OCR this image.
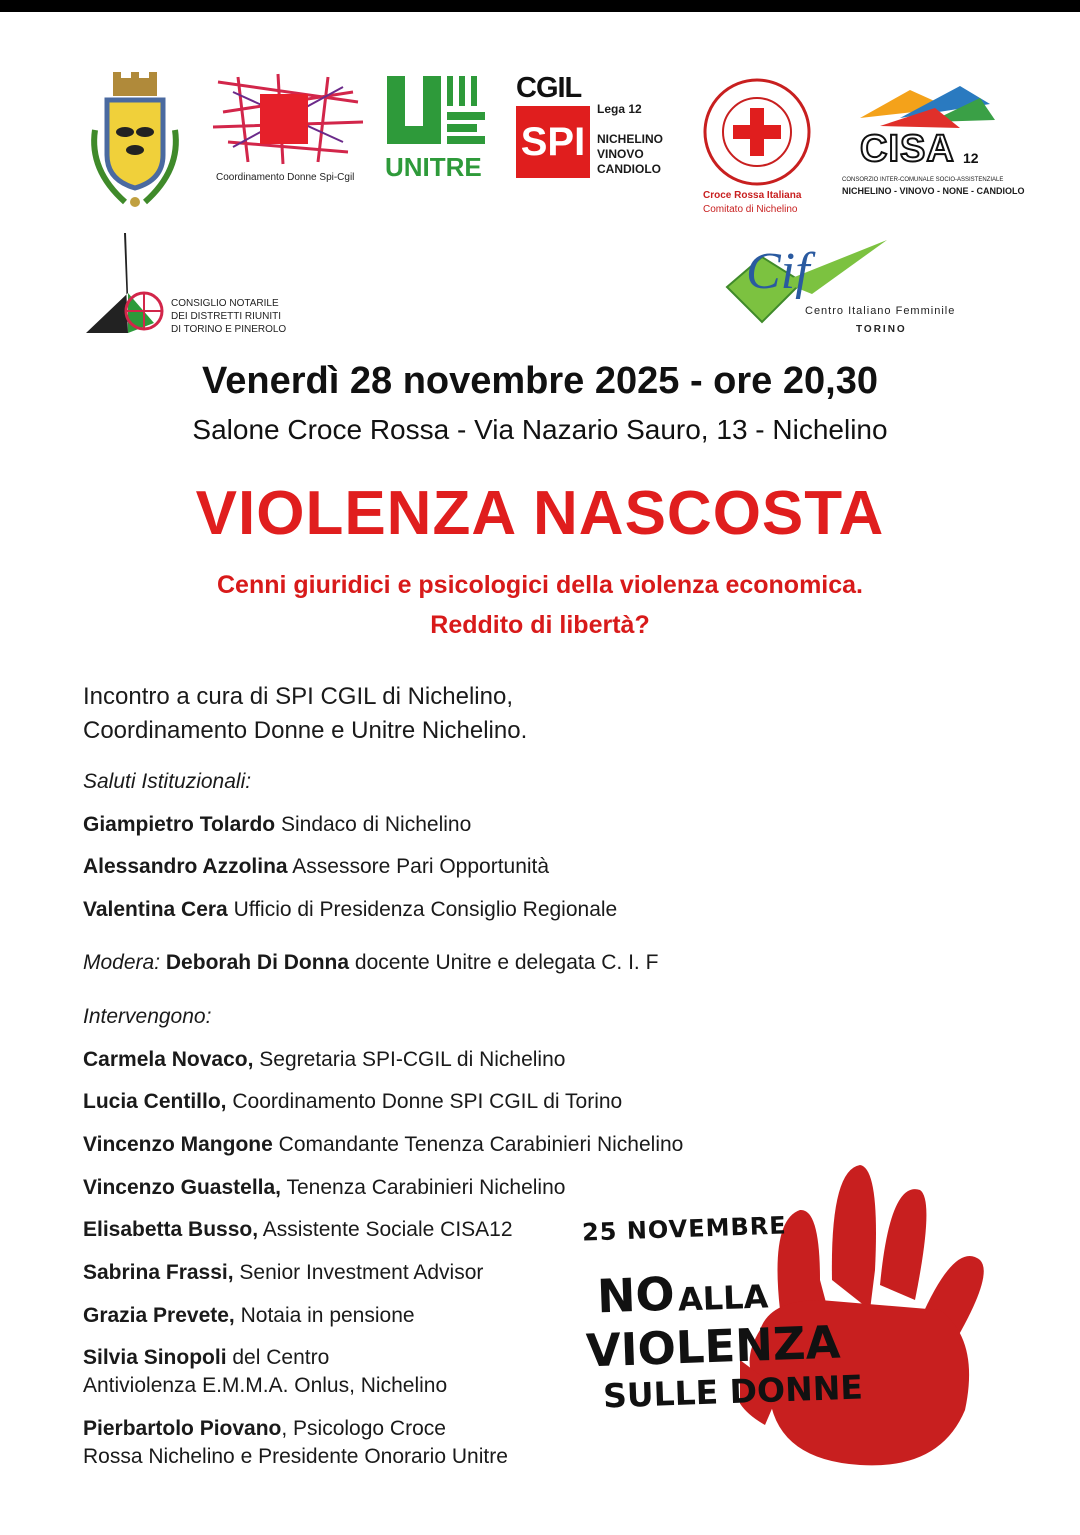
Coordinamento Donne Spi-Cgil UNITRE
CGIL
SPI
Lega 12
NICHELINO
VINOVO
CANDIOLO
Croce Rossa Italiana
Comitato di Nichelino
CISA 12
CONSORZIO INTER-COMUNALE SOCIO-ASSISTENZIALE
NICHELINO - VINOVO - NONE - CANDIOLO
CONSIGLIO NOTARILE
DEI DISTRETTI RIUNITI
DI TORINO E PINEROLO
Cif
Centro Italiano Femminile
TORINO
Venerdì 28 novembre 2025 - ore 20,30
Salone Croce Rossa - Via Nazario Sauro, 13 - Nichelino
VIOLENZA NASCOSTA
Cenni giuridici e psicologici della violenza economica.
Reddito di libertà?
Incontro a cura di SPI CGIL di Nichelino,
Coordinamento Donne e Unitre Nichelino.
Saluti Istituzionali:
Giampietro Tolardo Sindaco di Nichelino
Alessandro Azzolina Assessore Pari Opportunità
Valentina Cera Ufficio di Presidenza Consiglio Regionale
Modera: Deborah Di Donna docente Unitre e delegata C. I. F
Intervengono:
Carmela Novaco, Segretaria SPI-CGIL di Nichelino
Lucia Centillo, Coordinamento Donne SPI CGIL di Torino
Vincenzo Mangone Comandante Tenenza Carabinieri Nichelino
Vincenzo Guastella, Tenenza Carabinieri Nichelino
Elisabetta Busso, Assistente Sociale CISA12
Sabrina Frassi, Senior Investment Advisor
Grazia Prevete, Notaia in pensione
Silvia Sinopoli del Centro
Antiviolenza E.M.M.A. Onlus, Nichelino
Pierbartolo Piovano, Psicologo Croce
Rossa Nichelino e Presidente Onorario Unitre
25 NOVEMBRE
NO ALLA
VIOLENZA
SULLE DONNE
